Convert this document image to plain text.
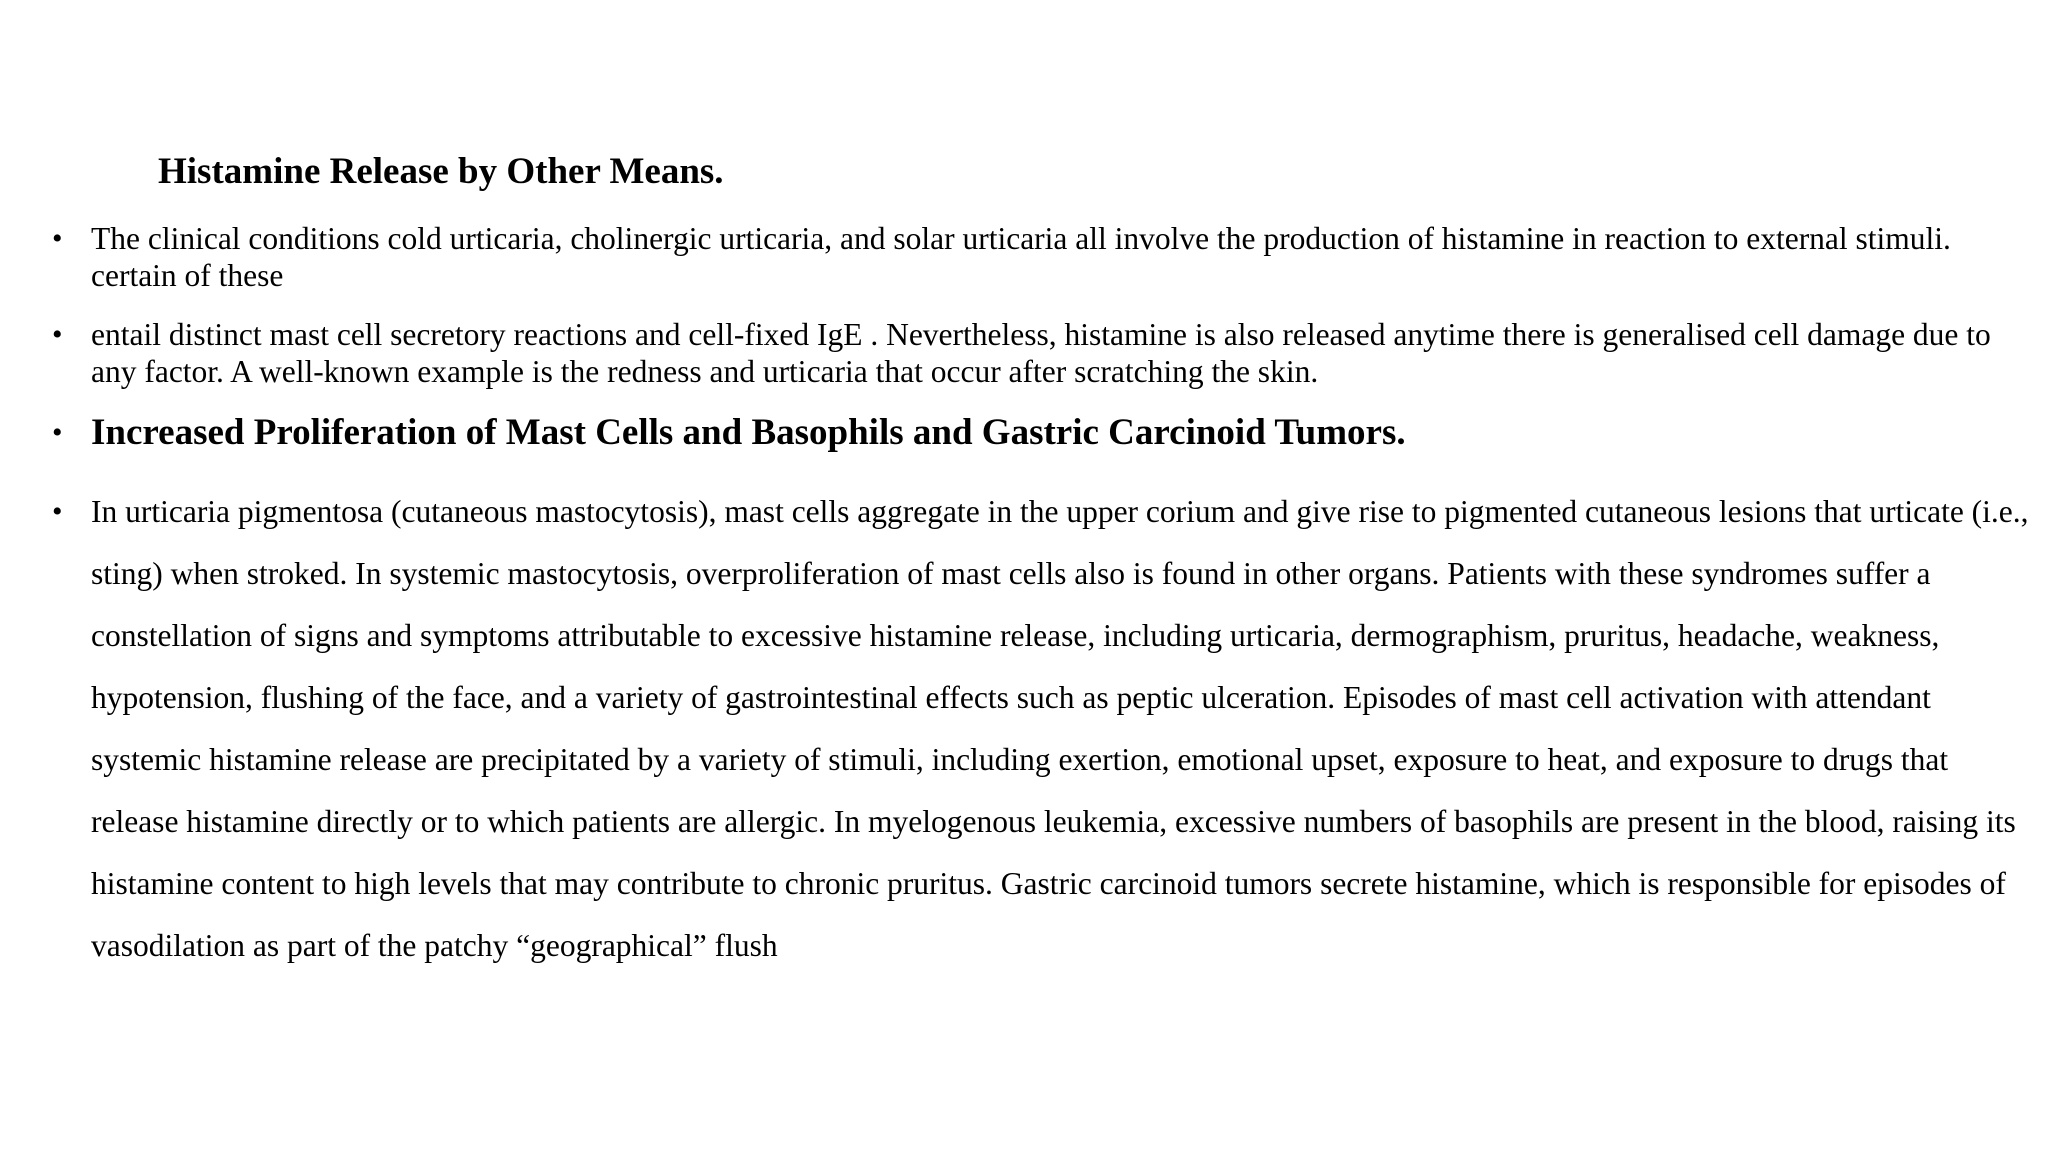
Histamine Release by Other Means.
• The clinical conditions cold urticaria, cholinergic urticaria, and solar urticaria all involve the production of histamine in reaction to external stimuli. certain of these
• entail distinct mast cell secretory reactions and cell-fixed IgE . Nevertheless, histamine is also released anytime there is generalised cell damage due to any factor. A well-known example is the redness and urticaria that occur after scratching the skin.
• Increased Proliferation of Mast Cells and Basophils and Gastric Carcinoid Tumors.
• In urticaria pigmentosa (cutaneous mastocytosis), mast cells aggregate in the upper corium and give rise to pigmented cutaneous lesions that urticate (i.e., sting) when stroked. In systemic mastocytosis, overproliferation of mast cells also is found in other organs. Patients with these syndromes suffer a constellation of signs and symptoms attributable to excessive histamine release, including urticaria, dermographism, pruritus, headache, weakness, hypotension, flushing of the face, and a variety of gastrointestinal effects such as peptic ulceration. Episodes of mast cell activation with attendant systemic histamine release are precipitated by a variety of stimuli, including exertion, emotional upset, exposure to heat, and exposure to drugs that release histamine directly or to which patients are allergic. In myelogenous leukemia, excessive numbers of basophils are present in the blood, raising its histamine content to high levels that may contribute to chronic pruritus. Gastric carcinoid tumors secrete histamine, which is responsible for episodes of vasodilation as part of the patchy “geographical” flush
